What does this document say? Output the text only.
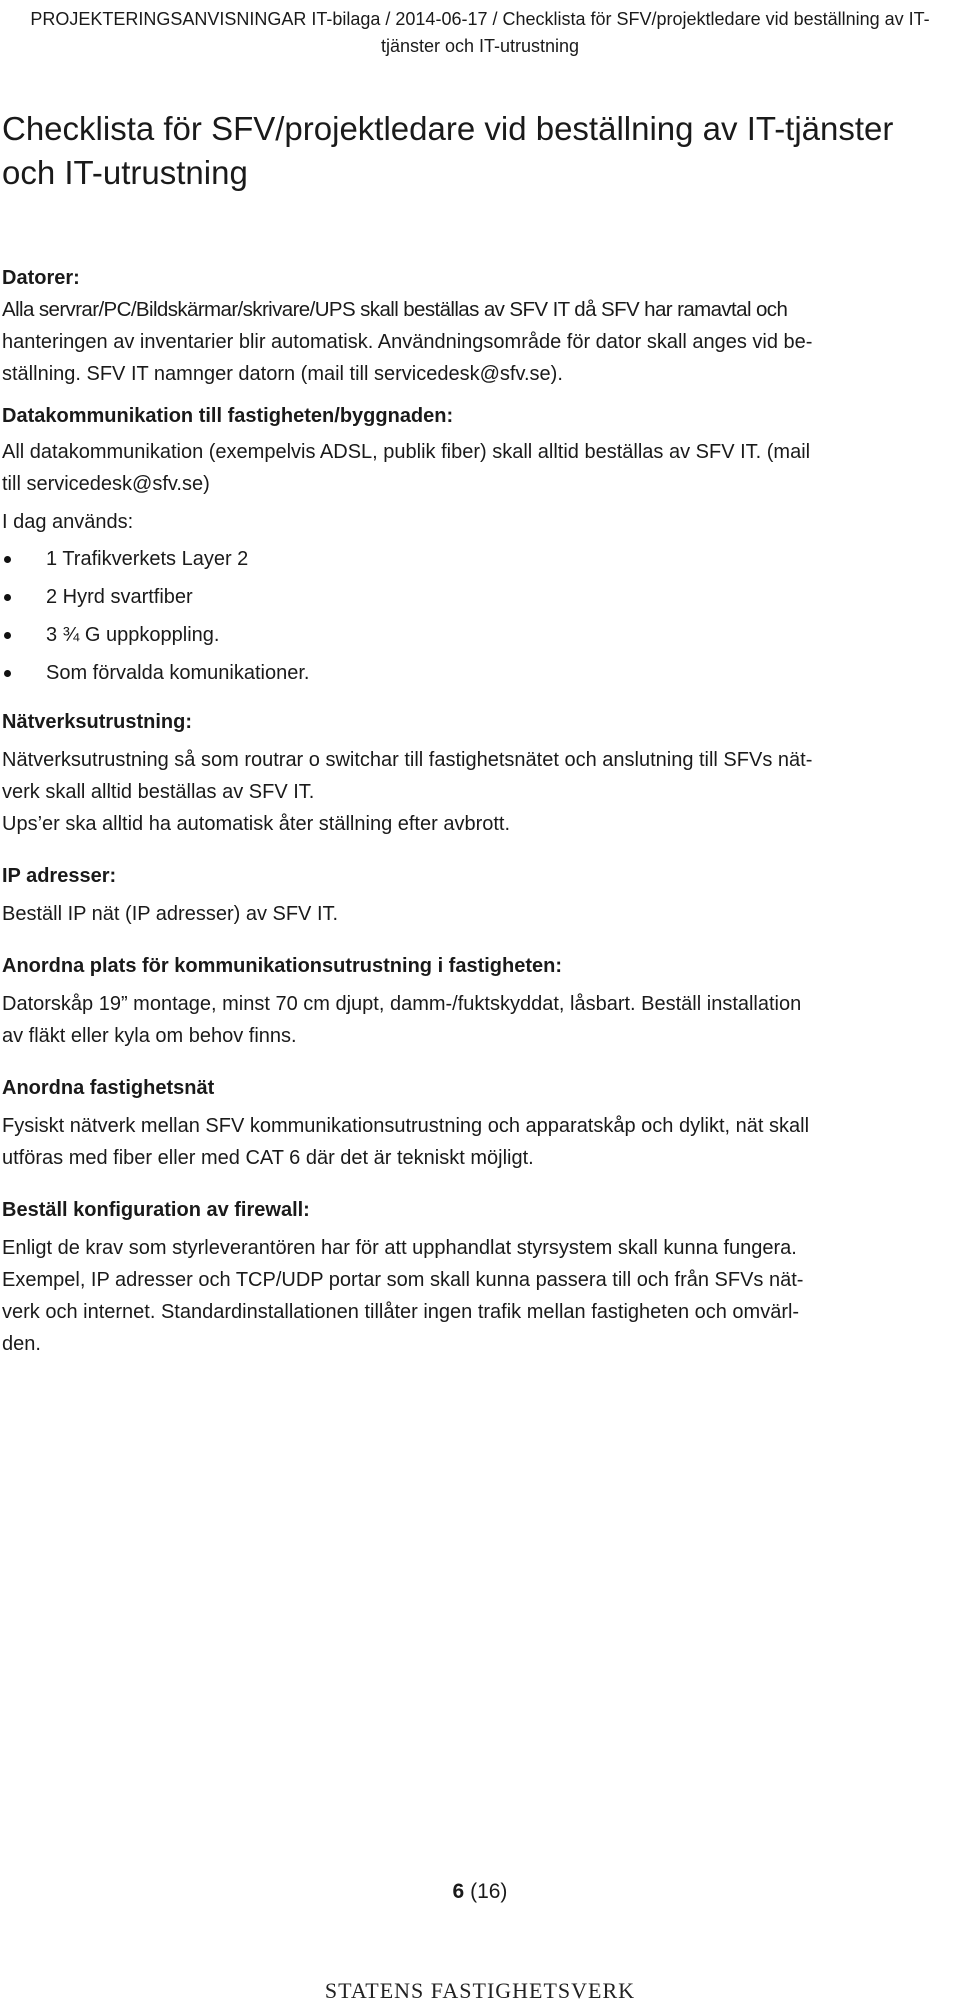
PROJEKTERINGSANVISNINGAR IT-bilaga / 2014-06-17 / Checklista för SFV/projektledare vid beställning av IT-
tjänster och IT-utrustning
Checklista för SFV/projektledare vid beställning av IT-tjänster
och IT-utrustning
Datorer:
Alla servrar/PC/Bildskärmar/skrivare/UPS skall beställas av SFV IT då SFV har ramavtal och
hanteringen av inventarier blir automatisk. Användningsområde för dator skall anges vid be-
ställning. SFV IT namnger datorn (mail till servicedesk@sfv.se).
Datakommunikation till fastigheten/byggnaden:
All datakommunikation (exempelvis ADSL, publik fiber) skall alltid beställas av SFV IT. (mail
till servicedesk@sfv.se)
I dag används:
1 Trafikverkets Layer 2
2 Hyrd svartfiber
3 ¾ G uppkoppling.
Som förvalda komunikationer.
Nätverksutrustning:
Nätverksutrustning så som routrar o switchar till fastighetsnätet och anslutning till SFVs nät-
verk skall alltid beställas av SFV IT.
Ups’er ska alltid ha automatisk åter ställning efter avbrott.
IP adresser:
Beställ IP nät (IP adresser) av SFV IT.
Anordna plats för kommunikationsutrustning i fastigheten:
Datorskåp 19” montage, minst 70 cm djupt, damm-/fuktskyddat, låsbart. Beställ installation
av fläkt eller kyla om behov finns.
Anordna fastighetsnät
Fysiskt nätverk mellan SFV kommunikationsutrustning och apparatskåp och dylikt, nät skall
utföras med fiber eller med CAT 6 där det är tekniskt möjligt.
Beställ konfiguration av firewall:
Enligt de krav som styrleverantören har för att upphandlat styrsystem skall kunna fungera.
Exempel, IP adresser och TCP/UDP portar som skall kunna passera till och från SFVs nät-
verk och internet. Standardinstallationen tillåter ingen trafik mellan fastigheten och omvärl-
den.
6 (16)
STATENS FASTIGHETSVERK
